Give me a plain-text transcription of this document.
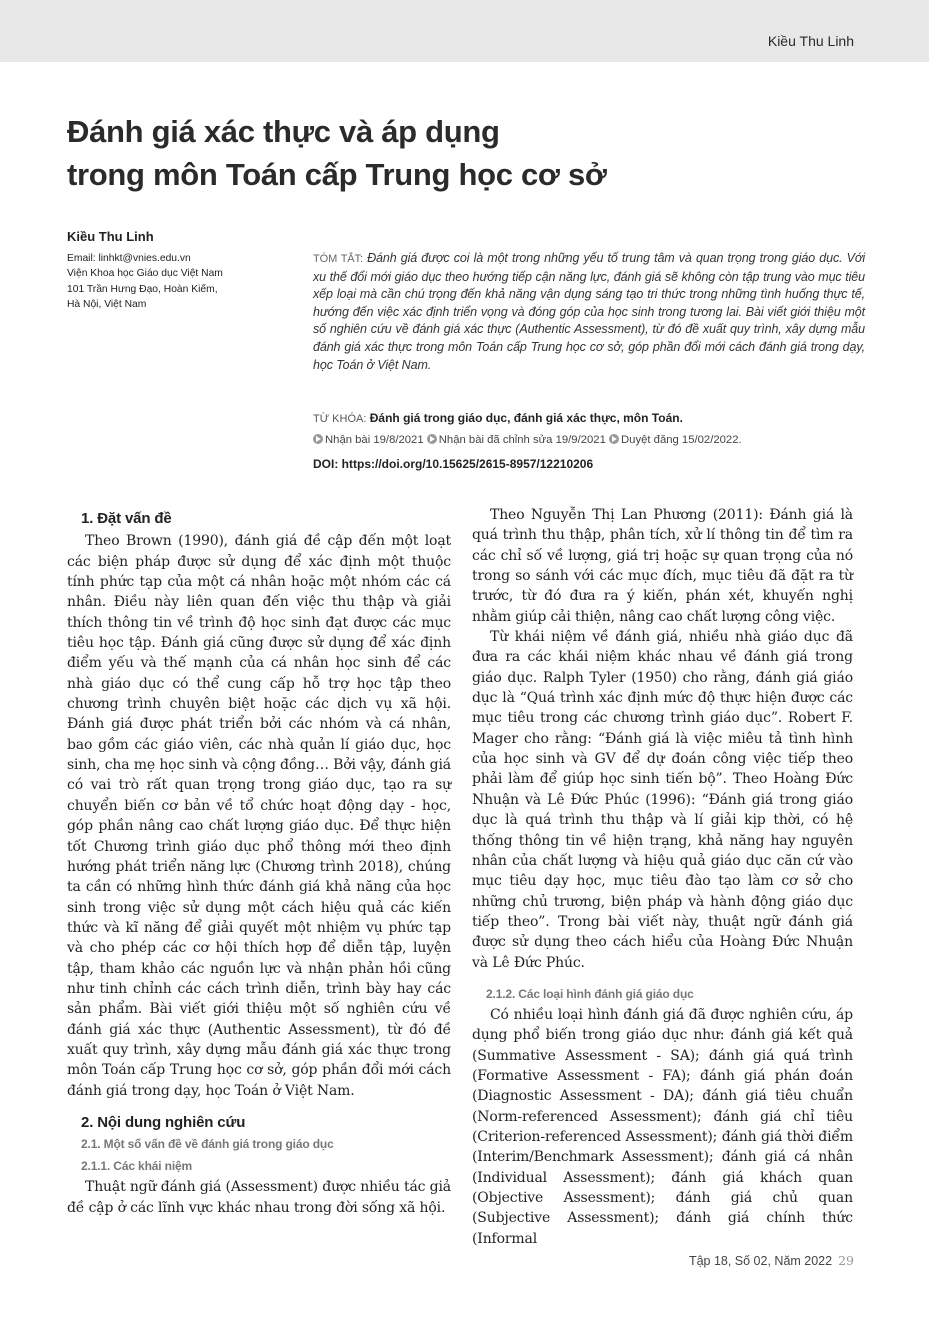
Kiều Thu Linh
Đánh giá xác thực và áp dụng
trong môn Toán cấp Trung học cơ sở
Kiều Thu Linh
Email: linhkt@vnies.edu.vn
Viện Khoa học Giáo dục Việt Nam
101 Trần Hưng Đạo, Hoàn Kiếm,
Hà Nội, Việt Nam

TÓM TẮT: Đánh giá được coi là một trong những yếu tố trung tâm và quan trọng trong giáo dục. Với xu thế đổi mới giáo dục theo hướng tiếp cận năng lực, đánh giá sẽ không còn tập trung vào mục tiêu xếp loại mà cần chú trọng đến khả năng vận dụng sáng tạo tri thức trong những tình huống thực tế, hướng đến việc xác định triển vọng và đóng góp của học sinh trong tương lai. Bài viết giới thiệu một số nghiên cứu về đánh giá xác thực (Authentic Assessment), từ đó đề xuất quy trình, xây dựng mẫu đánh giá xác thực trong môn Toán cấp Trung học cơ sở, góp phần đổi mới cách đánh giá trong dạy, học Toán ở Việt Nam.

TỪ KHÓA: Đánh giá trong giáo dục, đánh giá xác thực, môn Toán.
Nhận bài 19/8/2021 Nhận bài đã chỉnh sửa 19/9/2021 Duyệt đăng 15/02/2022.
DOI: https://doi.org/10.15625/2615-8957/12210206
1. Đặt vấn đề

Theo Brown (1990), đánh giá đề cập đến một loạt các biện pháp được sử dụng để xác định một thuộc tính phức tạp của một cá nhân hoặc một nhóm các cá nhân. Điều này liên quan đến việc thu thập và giải thích thông tin về trình độ học sinh đạt được các mục tiêu học tập. Đánh giá cũng được sử dụng để xác định điểm yếu và thế mạnh của cá nhân học sinh để các nhà giáo dục có thể cung cấp hỗ trợ học tập theo chương trình chuyên biệt hoặc các dịch vụ xã hội. Đánh giá được phát triển bởi các nhóm và cá nhân, bao gồm các giáo viên, các nhà quản lí giáo dục, học sinh, cha mẹ học sinh và cộng đồng… Bởi vậy, đánh giá có vai trò rất quan trọng trong giáo dục, tạo ra sự chuyển biến cơ bản về tổ chức hoạt động dạy - học, góp phần nâng cao chất lượng giáo dục. Để thực hiện tốt Chương trình giáo dục phổ thông mới theo định hướng phát triển năng lực (Chương trình 2018), chúng ta cần có những hình thức đánh giá khả năng của học sinh trong việc sử dụng một cách hiệu quả các kiến thức và kĩ năng để giải quyết một nhiệm vụ phức tạp và cho phép các cơ hội thích hợp để diễn tập, luyện tập, tham khảo các nguồn lực và nhận phản hồi cũng như tinh chỉnh các cách trình diễn, trình bày hay các sản phẩm. Bài viết giới thiệu một số nghiên cứu về đánh giá xác thực (Authentic Assessment), từ đó đề xuất quy trình, xây dựng mẫu đánh giá xác thực trong môn Toán cấp Trung học cơ sở, góp phần đổi mới cách đánh giá trong dạy, học Toán ở Việt Nam.

2. Nội dung nghiên cứu
2.1. Một số vấn đề về đánh giá trong giáo dục
2.1.1. Các khái niệm

Thuật ngữ đánh giá (Assessment) được nhiều tác giả đề cập ở các lĩnh vực khác nhau trong đời sống xã hội.

Theo Nguyễn Thị Lan Phương (2011): Đánh giá là quá trình thu thập, phân tích, xử lí thông tin để tìm ra các chỉ số về lượng, giá trị hoặc sự quan trọng của nó trong so sánh với các mục đích, mục tiêu đã đặt ra từ trước, từ đó đưa ra ý kiến, phán xét, khuyến nghị nhằm giúp cải thiện, nâng cao chất lượng công việc.

Từ khái niệm về đánh giá, nhiều nhà giáo dục đã đưa ra các khái niệm khác nhau về đánh giá trong giáo dục. Ralph Tyler (1950) cho rằng, đánh giá giáo dục là “Quá trình xác định mức độ thực hiện được các mục tiêu trong các chương trình giáo dục”. Robert F. Mager cho rằng: “Đánh giá là việc miêu tả tình hình của học sinh và GV để dự đoán công việc tiếp theo phải làm để giúp học sinh tiến bộ”. Theo Hoàng Đức Nhuận và Lê Đức Phúc (1996): “Đánh giá trong giáo dục là quá trình thu thập và lí giải kịp thời, có hệ thống thông tin về hiện trạng, khả năng hay nguyên nhân của chất lượng và hiệu quả giáo dục căn cứ vào mục tiêu dạy học, mục tiêu đào tạo làm cơ sở cho những chủ trương, biện pháp và hành động giáo dục tiếp theo”. Trong bài viết này, thuật ngữ đánh giá được sử dụng theo cách hiểu của Hoàng Đức Nhuận và Lê Đức Phúc.

2.1.2. Các loại hình đánh giá giáo dục

Có nhiều loại hình đánh giá đã được nghiên cứu, áp dụng phổ biến trong giáo dục như: đánh giá kết quả (Summative Assessment - SA); đánh giá quá trình (Formative Assessment - FA); đánh giá phán đoán (Diagnostic Assessment - DA); đánh giá tiêu chuẩn (Norm-referenced Assessment); đánh giá chỉ tiêu (Criterion-referenced Assessment); đánh giá thời điểm (Interim/Benchmark Assessment); đánh giá cá nhân (Individual Assessment); đánh giá khách quan (Objective Assessment); đánh giá chủ quan (Subjective Assessment); đánh giá chính thức (Informal

Tập 18, Số 02, Năm 2022 29
